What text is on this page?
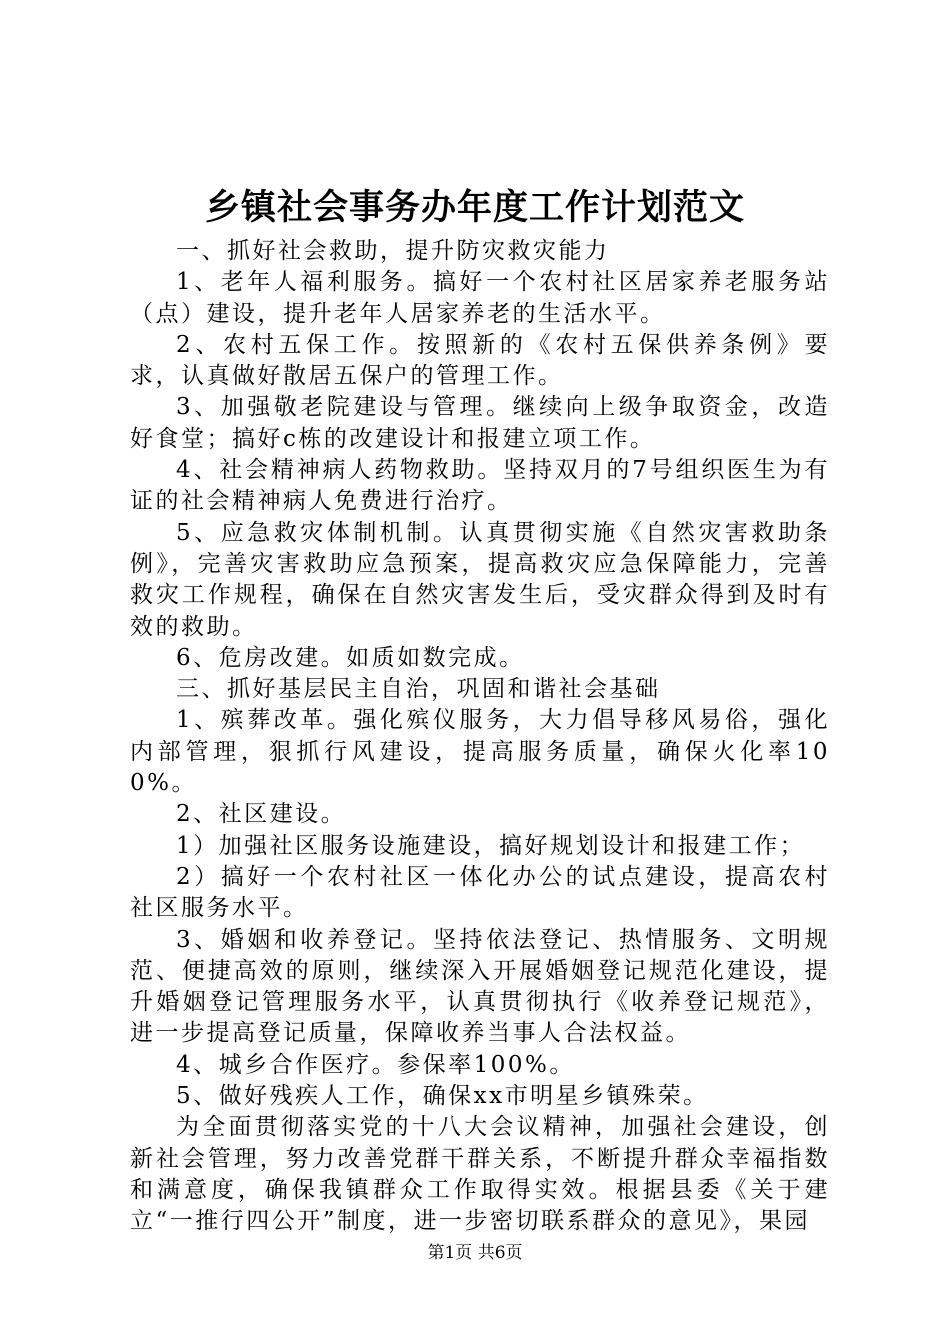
乡镇社会事务办年度工作计划范文

一、抓好社会救助，提升防灾救灾能力

1、老年人福利服务。搞好一个农村社区居家养老服务站（点）建设，提升老年人居家养老的生活水平。

2、农村五保工作。按照新的《农村五保供养条例》要求，认真做好散居五保户的管理工作。

3、加强敬老院建设与管理。继续向上级争取资金，改造好食堂；搞好c栋的改建设计和报建立项工作。

4、社会精神病人药物救助。坚持双月的7号组织医生为有证的社会精神病人免费进行治疗。

5、应急救灾体制机制。认真贯彻实施《自然灾害救助条例》，完善灾害救助应急预案，提高救灾应急保障能力，完善救灾工作规程，确保在自然灾害发生后，受灾群众得到及时有效的救助。

6、危房改建。如质如数完成。

三、抓好基层民主自治，巩固和谐社会基础

1、殡葬改革。强化殡仪服务，大力倡导移风易俗，强化内部管理，狠抓行风建设，提高服务质量，确保火化率100%。

2、社区建设。

1）加强社区服务设施建设，搞好规划设计和报建工作；

2）搞好一个农村社区一体化办公的试点建设，提高农村社区服务水平。

3、婚姻和收养登记。坚持依法登记、热情服务、文明规范、便捷高效的原则，继续深入开展婚姻登记规范化建设，提升婚姻登记管理服务水平，认真贯彻执行《收养登记规范》，进一步提高登记质量，保障收养当事人合法权益。

4、城乡合作医疗。参保率100%。

5、做好残疾人工作，确保xx市明星乡镇殊荣。

为全面贯彻落实党的十八大会议精神，加强社会建设，创新社会管理，努力改善党群干群关系，不断提升群众幸福指数和满意度，确保我镇群众工作取得实效。根据县委《关于建立“一推行四公开”制度，进一步密切联系群众的意见》，果园

第1页 共6页
